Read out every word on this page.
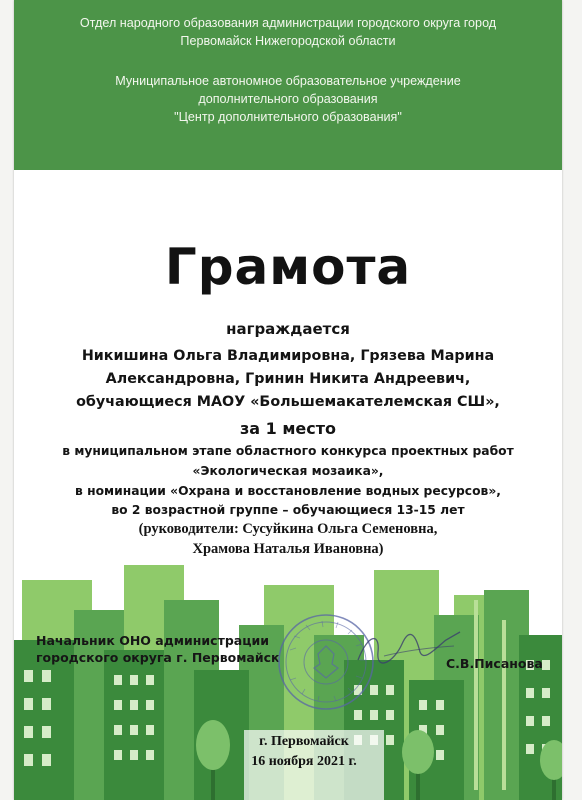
Отдел народного образования администрации городского округа город
Первомайск Нижегородской области
Муниципальное автономное образовательное учреждение
дополнительного образования
"Центр дополнительного образования"
Грамота
награждается
Никишина Ольга Владимировна, Грязева Марина
Александровна, Гринин Никита Андреевич,
обучающиеся МАОУ «Большемакателемская СШ»,
за 1 место
в муниципальном этапе областного конкурса проектных работ
«Экологическая мозаика»,
в номинации «Охрана и восстановление водных ресурсов»,
во 2 возрастной группе – обучающиеся 13-15 лет
(руководители: Сусуйкина Ольга Семеновна,
Храмова Наталья Ивановна)
Начальник ОНО администрации
городского округа г. Первомайск	С.В.Писанова
г. Первомайск
16 ноября 2021 г.
